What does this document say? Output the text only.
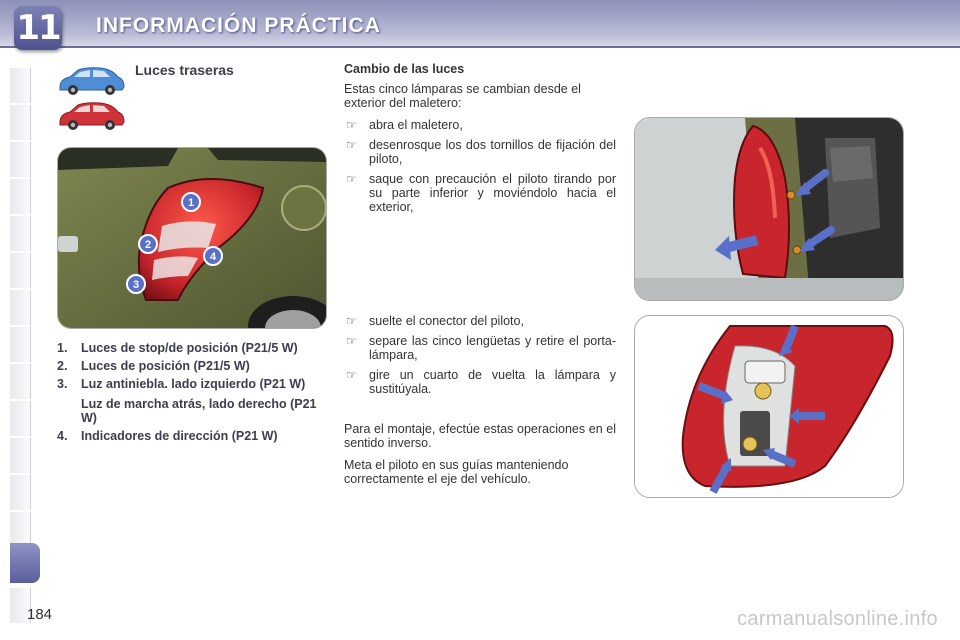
11 INFORMACIÓN PRÁCTICA
Luces traseras
1
2
3
4
1. Luces de stop/de posición (P21/5 W)
2. Luces de posición (P21/5 W)
3. Luz antiniebla. lado izquierdo (P21 W)
Luz de marcha atrás, lado derecho (P21 W)
4. Indicadores de dirección (P21 W)
Cambio de las luces

Estas cinco lámparas se cambian desde el exterior del maletero:

☞ abra el maletero,
☞ desenrosque los dos tornillos de fijación del piloto,
☞ saque con precaución el piloto tirando por su parte inferior y moviéndolo hacia el exterior,
☞ suelte el conector del piloto,
☞ separe las cinco lengüetas y retire el porta-lámpara,
☞ gire un cuarto de vuelta la lámpara y sustitúyala.

Para el montaje, efectúe estas operaciones en el sentido inverso.

Meta el piloto en sus guías manteniendo correctamente el eje del vehículo.

184	carmanualsonline.info
